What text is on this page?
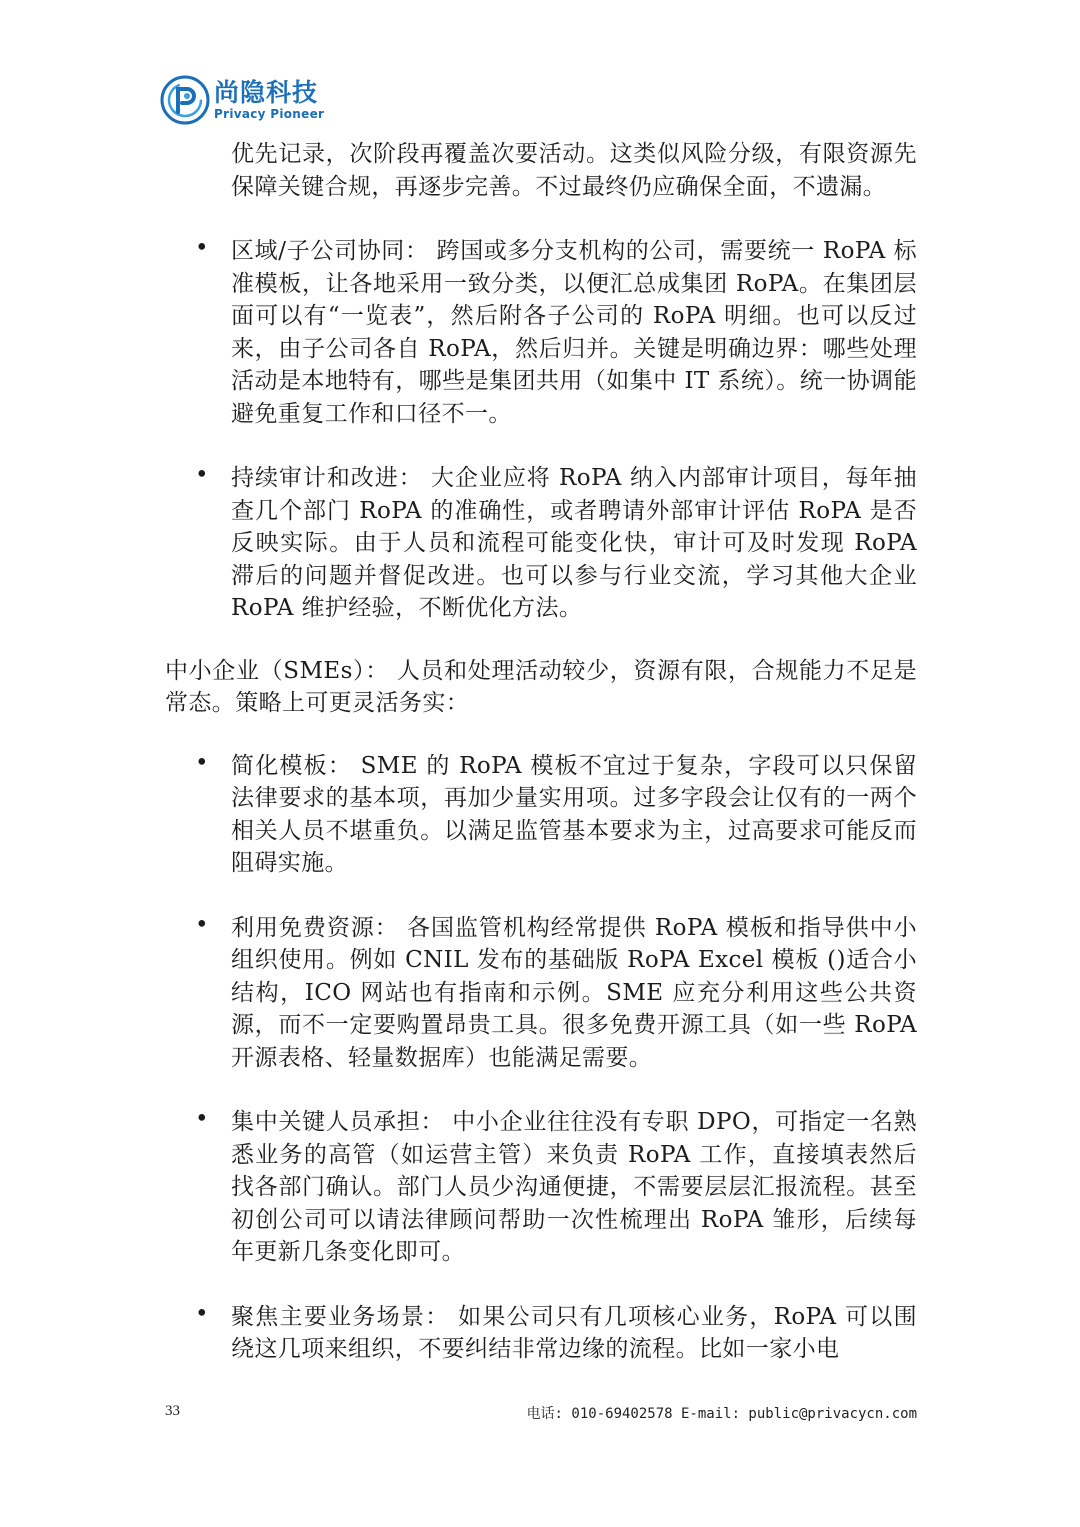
尚隐科技
Privacy Pioneer

优先记录，次阶段再覆盖次要活动。这类似风险分级，有限资源先保障关键合规，再逐步完善。不过最终仍应确保全面，不遗漏。

• 区域/子公司协同： 跨国或多分支机构的公司，需要统一 RoPA 标准模板，让各地采用一致分类，以便汇总成集团 RoPA。在集团层面可以有“一览表”，然后附各子公司的 RoPA 明细。也可以反过来，由子公司各自 RoPA，然后归并。关键是明确边界：哪些处理活动是本地特有，哪些是集团共用（如集中 IT 系统）。统一协调能避免重复工作和口径不一。

• 持续审计和改进： 大企业应将 RoPA 纳入内部审计项目，每年抽查几个部门 RoPA 的准确性，或者聘请外部审计评估 RoPA 是否反映实际。由于人员和流程可能变化快，审计可及时发现 RoPA 滞后的问题并督促改进。也可以参与行业交流，学习其他大企业 RoPA 维护经验，不断优化方法。

中小企业（SMEs）： 人员和处理活动较少，资源有限，合规能力不足是常态。策略上可更灵活务实：

• 简化模板： SME 的 RoPA 模板不宜过于复杂，字段可以只保留法律要求的基本项，再加少量实用项。过多字段会让仅有的一两个相关人员不堪重负。以满足监管基本要求为主，过高要求可能反而阻碍实施。

• 利用免费资源： 各国监管机构经常提供 RoPA 模板和指导供中小组织使用。例如 CNIL 发布的基础版 RoPA Excel 模板 ()适合小结构，ICO 网站也有指南和示例。SME 应充分利用这些公共资源，而不一定要购置昂贵工具。很多免费开源工具（如一些 RoPA 开源表格、轻量数据库）也能满足需要。

• 集中关键人员承担： 中小企业往往没有专职 DPO，可指定一名熟悉业务的高管（如运营主管）来负责 RoPA 工作，直接填表然后找各部门确认。部门人员少沟通便捷，不需要层层汇报流程。甚至初创公司可以请法律顾问帮助一次性梳理出 RoPA 雏形，后续每年更新几条变化即可。

• 聚焦主要业务场景： 如果公司只有几项核心业务，RoPA 可以围绕这几项来组织，不要纠结非常边缘的流程。比如一家小电

33	电话: 010-69402578 E-mail: public@privacycn.com
